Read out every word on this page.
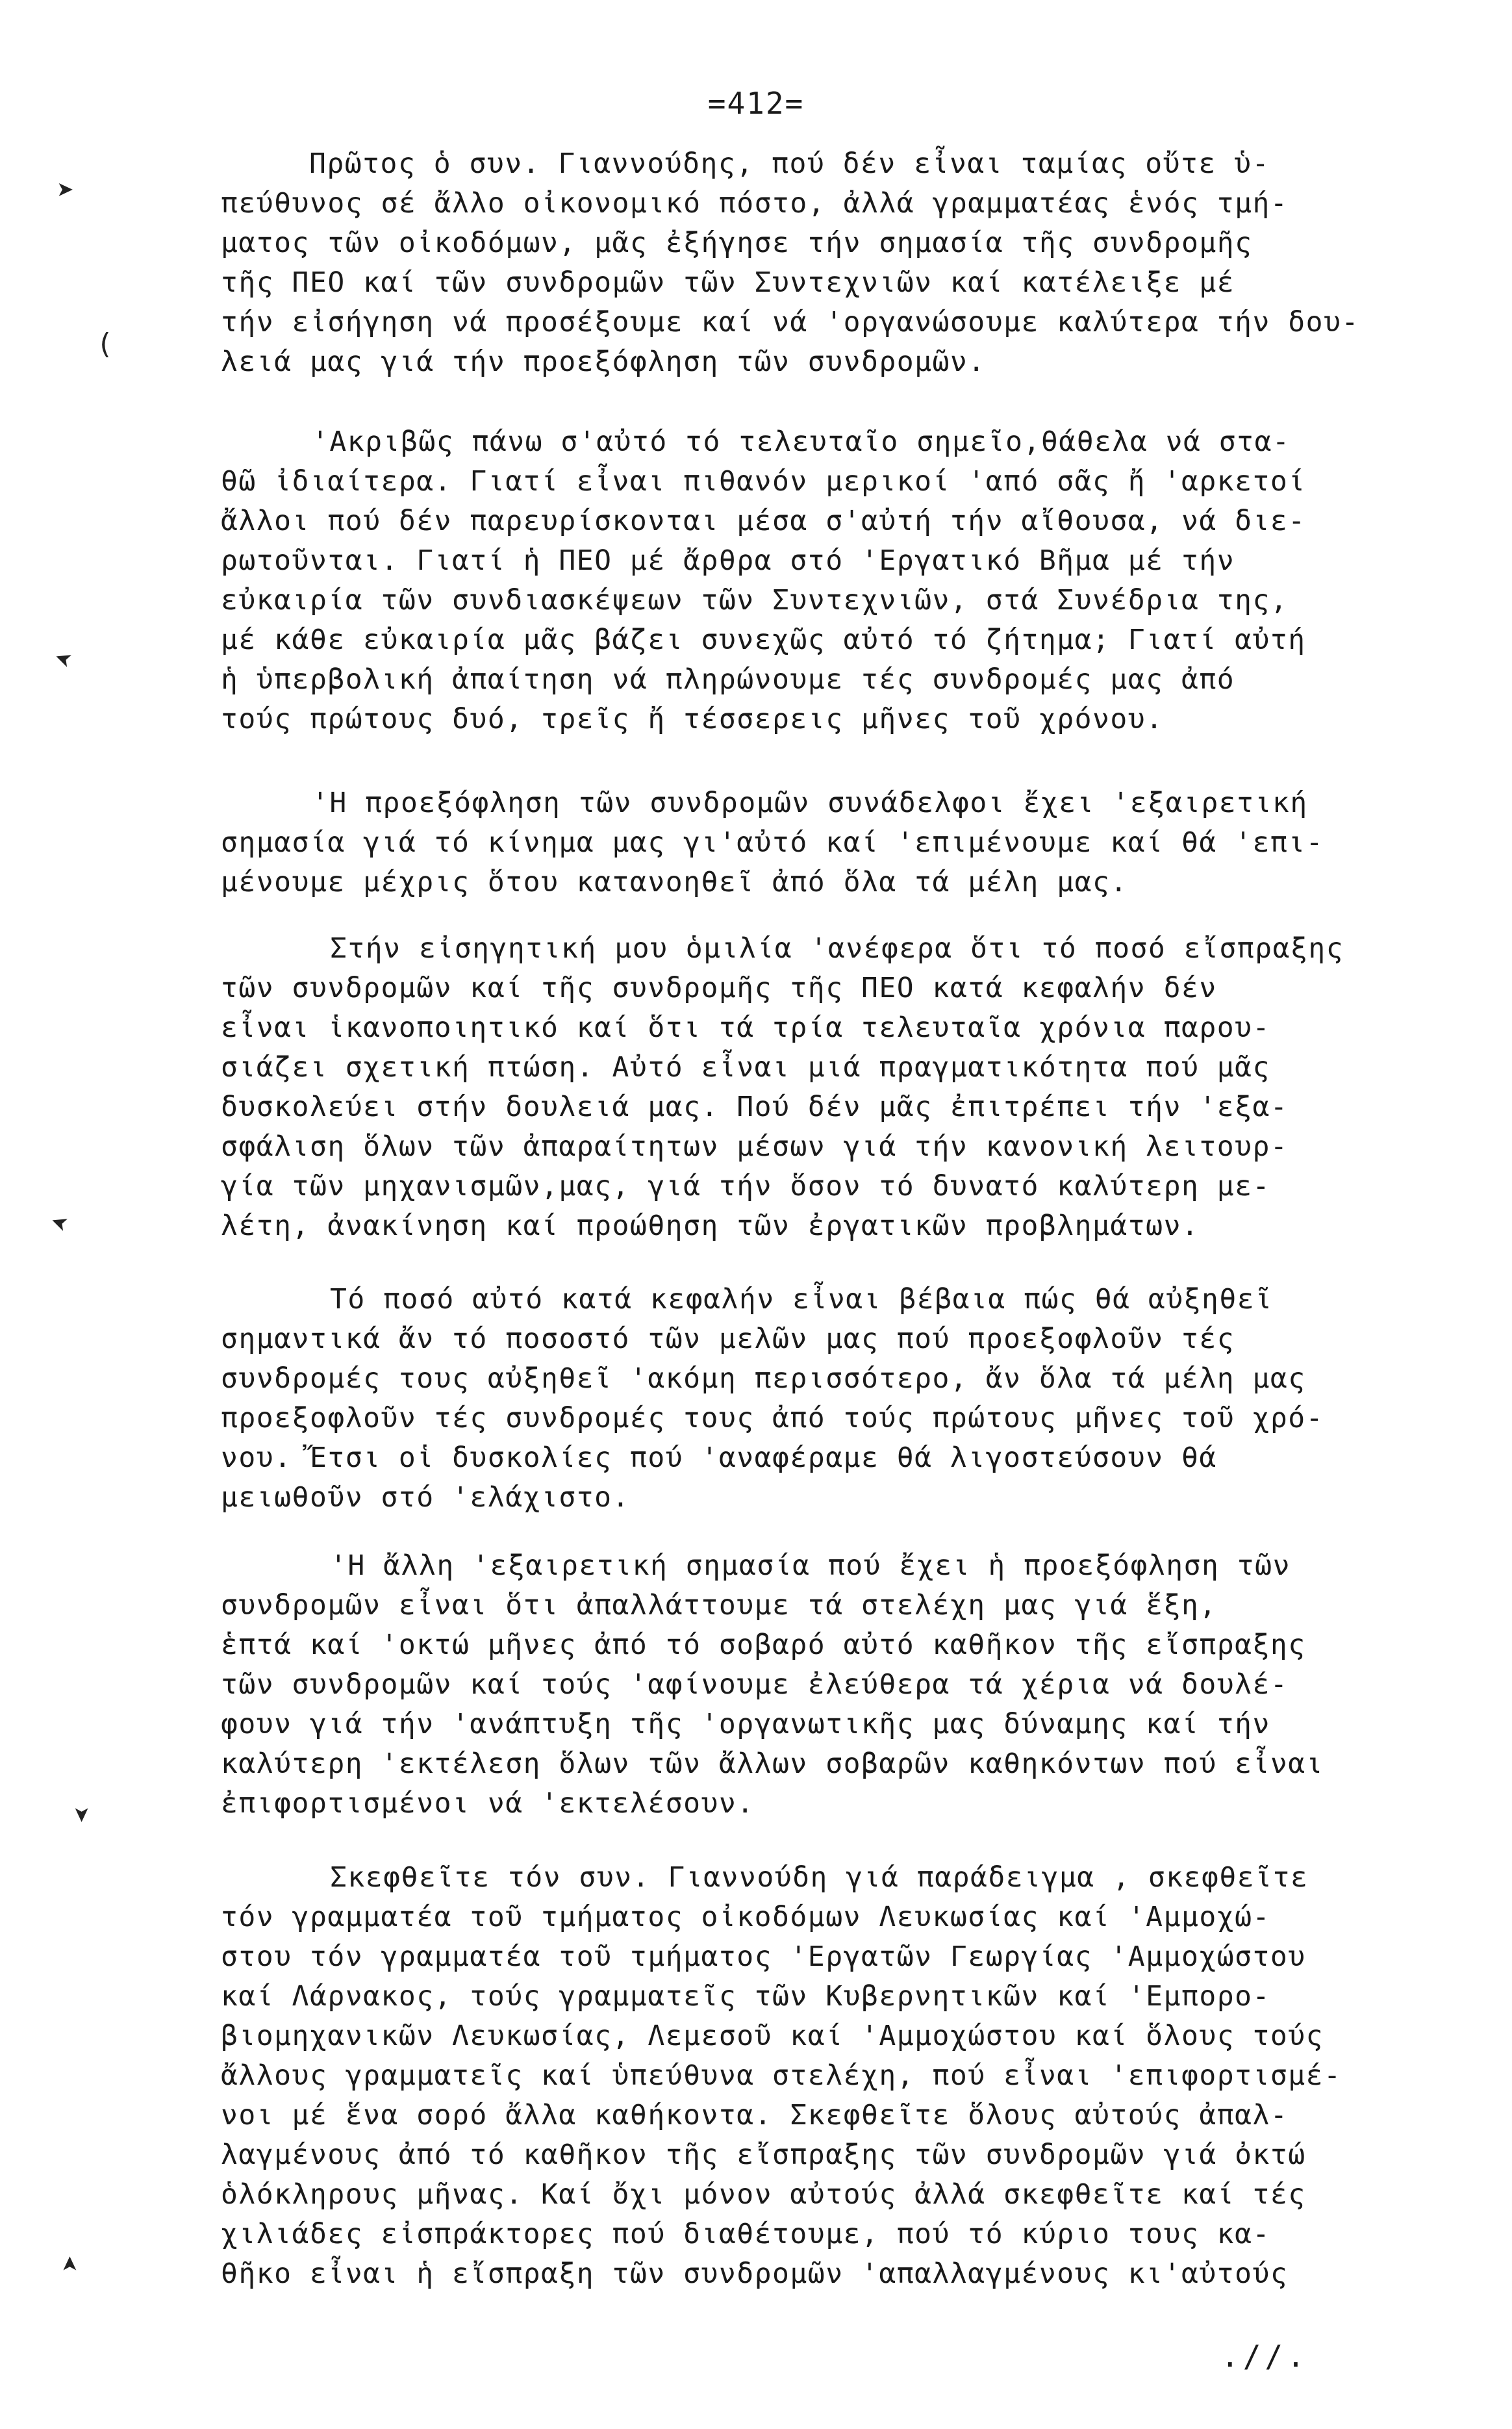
=412=
➤
(
➤
➤
➤
➤
Πρῶτος ὁ συν. Γιαννούδης, πού δέν εἶναι ταμίας οὔτε ὑ-
πεύθυνος σέ ἄλλο οἰκονομικό πόστο, ἀλλά γραμματέας ἑνός τμή-
ματος τῶν οἰκοδόμων, μᾶς ἐξήγησε τήν σημασία τῆς συνδρομῆς
τῆς ΠΕΟ καί τῶν συνδρομῶν τῶν Συντεχνιῶν καί κατέλειξε μέ
τήν εἰσήγηση νά προσέξουμε καί νά 'οργανώσουμε καλύτερα τήν δου-
λειά μας γιά τήν προεξόφληση τῶν συνδρομῶν.
'Ακριβῶς πάνω σ'αὐτό τό τελευταῖο σημεῖο,θάθελα νά στα-
θῶ ἰδιαίτερα. Γιατί εἶναι πιθανόν μερικοί 'από σᾶς ἤ 'αρκετοί
ἄλλοι πού δέν παρευρίσκονται μέσα σ'αὐτή τήν αἴθουσα, νά διε-
ρωτοῦνται. Γιατί ἡ ΠΕΟ μέ ἄρθρα στό 'Εργατικό Βῆμα μέ τήν
εὐκαιρία τῶν συνδιασκέψεων τῶν Συντεχνιῶν, στά Συνέδρια της,
μέ κάθε εὐκαιρία μᾶς βάζει συνεχῶς αὐτό τό ζήτημα; Γιατί αὐτή
ἡ ὑπερβολική ἀπαίτηση νά πληρώνουμε τές συνδρομές μας ἀπό
τούς πρώτους δυό, τρεῖς ἤ τέσσερεις μῆνες τοῦ χρόνου.
'Η προεξόφληση τῶν συνδρομῶν συνάδελφοι ἔχει 'εξαιρετική
σημασία γιά τό κίνημα μας γι'αὐτό καί 'επιμένουμε καί θά 'επι-
μένουμε μέχρις ὅτου κατανοηθεῖ ἀπό ὅλα τά μέλη μας.
Στήν εἰσηγητική μου ὁμιλία 'ανέφερα ὅτι τό ποσό εἴσπραξης
τῶν συνδρομῶν καί τῆς συνδρομῆς τῆς ΠΕΟ κατά κεφαλήν δέν
εἶναι ἱκανοποιητικό καί ὅτι τά τρία τελευταῖα χρόνια παρου-
σιάζει σχετική πτώση. Αὐτό εἶναι μιά πραγματικότητα πού μᾶς
δυσκολεύει στήν δουλειά μας. Πού δέν μᾶς ἐπιτρέπει τήν 'εξα-
σφάλιση ὅλων τῶν ἀπαραίτητων μέσων γιά τήν κανονική λειτουρ-
γία τῶν μηχανισμῶν,μας, γιά τήν ὅσον τό δυνατό καλύτερη με-
λέτη, ἀνακίνηση καί προώθηση τῶν ἐργατικῶν προβλημάτων.
Τό ποσό αὐτό κατά κεφαλήν εἶναι βέβαια πώς θά αὐξηθεῖ
σημαντικά ἄν τό ποσοστό τῶν μελῶν μας πού προεξοφλοῦν τές
συνδρομές τους αὐξηθεῖ 'ακόμη περισσότερο, ἄν ὅλα τά μέλη μας
προεξοφλοῦν τές συνδρομές τους ἀπό τούς πρώτους μῆνες τοῦ χρό-
νου. Ἔτσι οἱ δυσκολίες πού 'αναφέραμε θά λιγοστεύσουν θά
μειωθοῦν στό 'ελάχιστο.
'Η ἄλλη 'εξαιρετική σημασία πού ἔχει ἡ προεξόφληση τῶν
συνδρομῶν εἶναι ὅτι ἀπαλλάττουμε τά στελέχη μας γιά ἕξη,
ἑπτά καί 'οκτώ μῆνες ἀπό τό σοβαρό αὐτό καθῆκον τῆς εἴσπραξης
τῶν συνδρομῶν καί τούς 'αφίνουμε ἐλεύθερα τά χέρια νά δουλέ-
φουν γιά τήν 'ανάπτυξη τῆς 'οργανωτικῆς μας δύναμης καί τήν
καλύτερη 'εκτέλεση ὅλων τῶν ἄλλων σοβαρῶν καθηκόντων πού εἶναι
ἐπιφορτισμένοι νά 'εκτελέσουν.
Σκεφθεῖτε τόν συν. Γιαννούδη γιά παράδειγμα , σκεφθεῖτε
τόν γραμματέα τοῦ τμήματος οἰκοδόμων Λευκωσίας καί 'Αμμοχώ-
στου τόν γραμματέα τοῦ τμήματος 'Εργατῶν Γεωργίας 'Αμμοχώστου
καί Λάρνακος, τούς γραμματεῖς τῶν Κυβερνητικῶν καί 'Εμπορο-
βιομηχανικῶν Λευκωσίας, Λεμεσοῦ καί 'Αμμοχώστου καί ὅλους τούς
ἄλλους γραμματεῖς καί ὑπεύθυνα στελέχη, πού εἶναι 'επιφορτισμέ-
νοι μέ ἕνα σορό ἄλλα καθήκοντα. Σκεφθεῖτε ὅλους αὐτούς ἀπαλ-
λαγμένους ἀπό τό καθῆκον τῆς εἴσπραξης τῶν συνδρομῶν γιά ὀκτώ
ὁλόκληρους μῆνας. Καί ὄχι μόνον αὐτούς ἀλλά σκεφθεῖτε καί τές
χιλιάδες εἰσπράκτορες πού διαθέτουμε, πού τό κύριο τους κα-
θῆκο εἶναι ἡ εἴσπραξη τῶν συνδρομῶν 'απαλλαγμένους κι'αὐτούς
.//.
